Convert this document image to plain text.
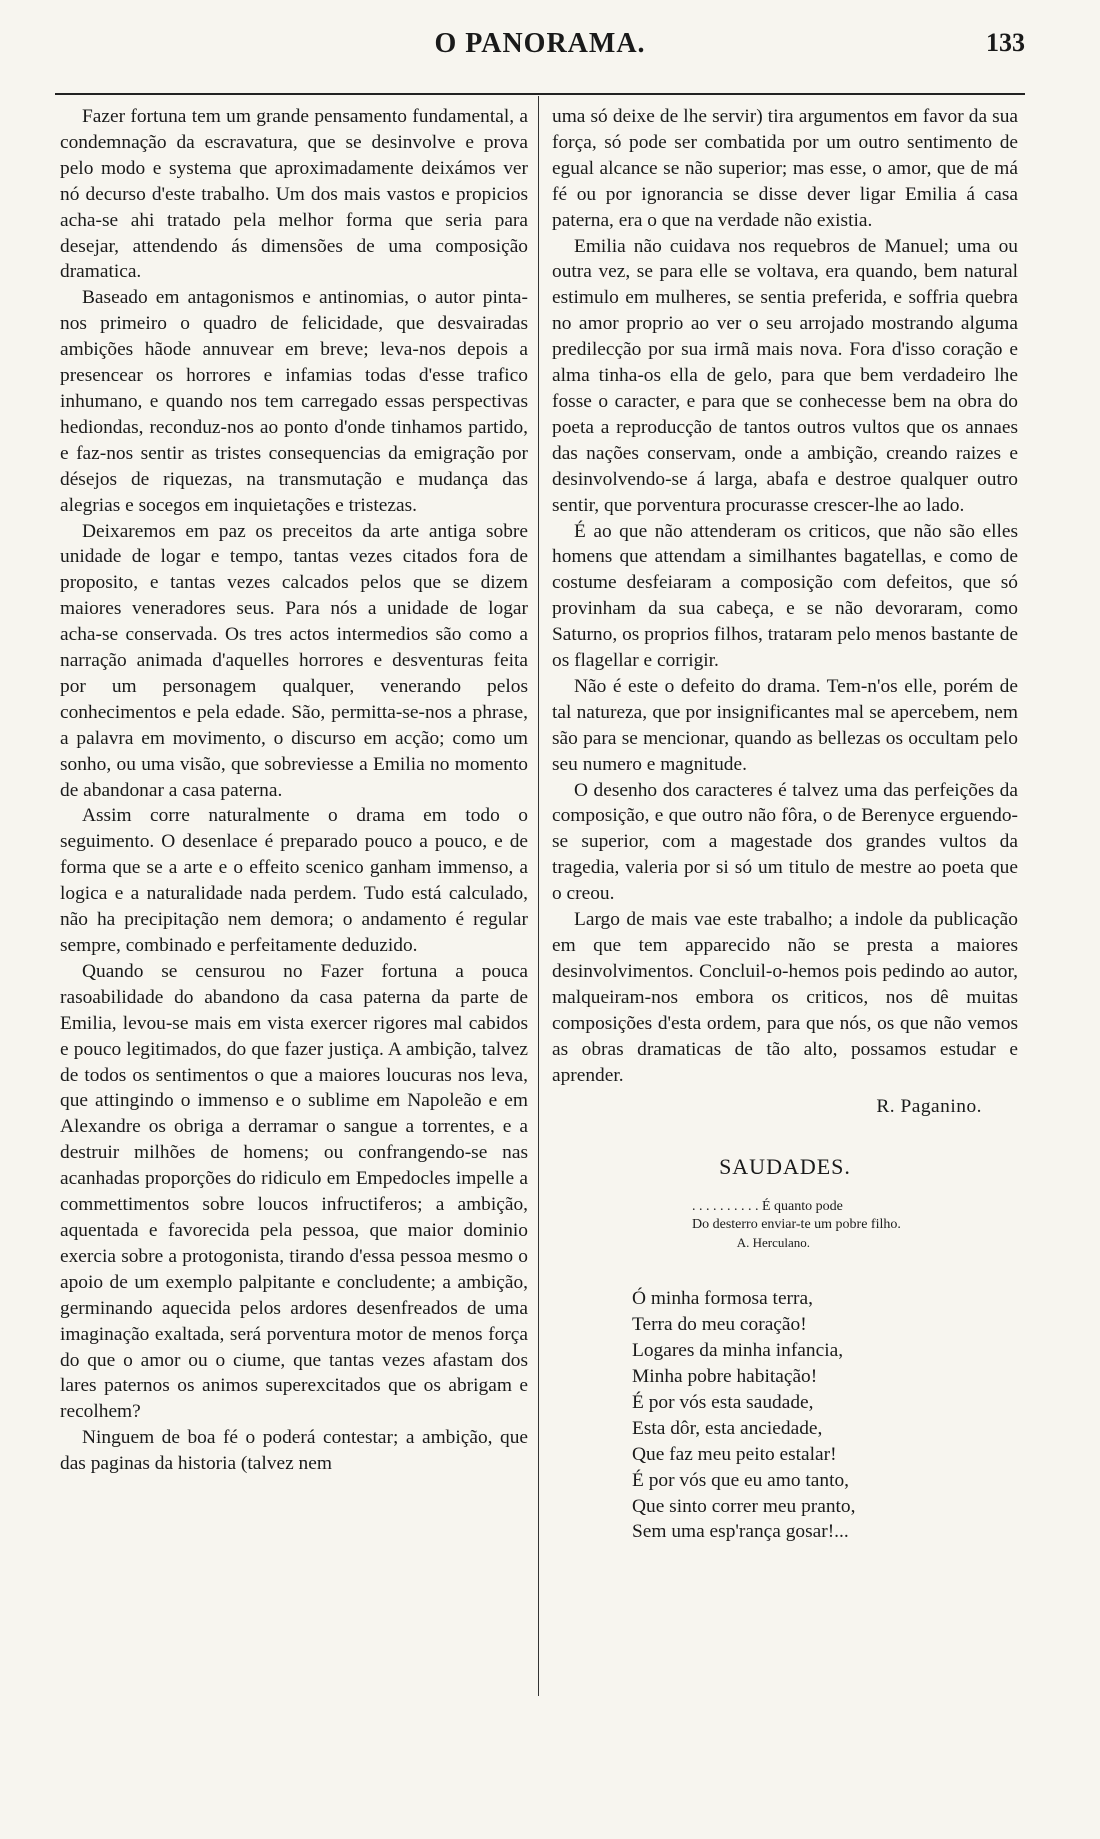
O PANORAMA.	133

Fazer fortuna tem um grande pensamento fundamental, a condemnação da escravatura, que se desinvolve e prova pelo modo e systema que aproximadamente deixámos ver nó decurso d'este trabalho. Um dos mais vastos e propicios acha-se ahi tratado pela melhor forma que seria para desejar, attendendo ás dimensões de uma composição dramatica.

Baseado em antagonismos e antinomias, o autor pinta-nos primeiro o quadro de felicidade, que desvairadas ambições hãode annuvear em breve; leva-nos depois a presencear os horrores e infamias todas d'esse trafico inhumano, e quando nos tem carregado essas perspectivas hediondas, reconduz-nos ao ponto d'onde tinhamos partido, e faz-nos sentir as tristes consequencias da emigração por désejos de riquezas, na transmutação e mudança das alegrias e socegos em inquietações e tristezas.

Deixaremos em paz os preceitos da arte antiga sobre unidade de logar e tempo, tantas vezes citados fora de proposito, e tantas vezes calcados pelos que se dizem maiores veneradores seus. Para nós a unidade de logar acha-se conservada. Os tres actos intermedios são como a narração animada d'aquelles horrores e desventuras feita por um personagem qualquer, venerando pelos conhecimentos e pela edade. São, permitta-se-nos a phrase, a palavra em movimento, o discurso em acção; como um sonho, ou uma visão, que sobreviesse a Emilia no momento de abandonar a casa paterna.

Assim corre naturalmente o drama em todo o seguimento. O desenlace é preparado pouco a pouco, e de forma que se a arte e o effeito scenico ganham immenso, a logica e a naturalidade nada perdem. Tudo está calculado, não ha precipitação nem demora; o andamento é regular sempre, combinado e perfeitamente deduzido.

Quando se censurou no Fazer fortuna a pouca rasoabilidade do abandono da casa paterna da parte de Emilia, levou-se mais em vista exercer rigores mal cabidos e pouco legitimados, do que fazer justiça. A ambição, talvez de todos os sentimentos o que a maiores loucuras nos leva, que attingindo o immenso e o sublime em Napoleão e em Alexandre os obriga a derramar o sangue a torrentes, e a destruir milhões de homens; ou confrangendo-se nas acanhadas proporções do ridiculo em Empedocles impelle a commettimentos sobre loucos infructiferos; a ambição, aquentada e favorecida pela pessoa, que maior dominio exercia sobre a protogonista, tirando d'essa pessoa mesmo o apoio de um exemplo palpitante e concludente; a ambição, germinando aquecida pelos ardores desenfreados de uma imaginação exaltada, será porventura motor de menos força do que o amor ou o ciume, que tantas vezes afastam dos lares paternos os animos superexcitados que os abrigam e recolhem?

Ninguem de boa fé o poderá contestar; a ambição, que das paginas da historia (talvez nem

uma só deixe de lhe servir) tira argumentos em favor da sua força, só pode ser combatida por um outro sentimento de egual alcance se não superior; mas esse, o amor, que de má fé ou por ignorancia se disse dever ligar Emilia á casa paterna, era o que na verdade não existia.

Emilia não cuidava nos requebros de Manuel; uma ou outra vez, se para elle se voltava, era quando, bem natural estimulo em mulheres, se sentia preferida, e soffria quebra no amor proprio ao ver o seu arrojado mostrando alguma predilecção por sua irmã mais nova. Fora d'isso coração e alma tinha-os ella de gelo, para que bem verdadeiro lhe fosse o caracter, e para que se conhecesse bem na obra do poeta a reproducção de tantos outros vultos que os annaes das nações conservam, onde a ambição, creando raizes e desinvolvendo-se á larga, abafa e destroe qualquer outro sentir, que porventura procurasse crescer-lhe ao lado.

É ao que não attenderam os criticos, que não são elles homens que attendam a similhantes bagatellas, e como de costume desfeiaram a composição com defeitos, que só provinham da sua cabeça, e se não devoraram, como Saturno, os proprios filhos, trataram pelo menos bastante de os flagellar e corrigir.

Não é este o defeito do drama. Tem-n'os elle, porém de tal natureza, que por insignificantes mal se apercebem, nem são para se mencionar, quando as bellezas os occultam pelo seu numero e magnitude.

O desenho dos caracteres é talvez uma das perfeições da composição, e que outro não fôra, o de Berenyce erguendo-se superior, com a magestade dos grandes vultos da tragedia, valeria por si só um titulo de mestre ao poeta que o creou.

Largo de mais vae este trabalho; a indole da publicação em que tem apparecido não se presta a maiores desinvolvimentos. Concluil-o-hemos pois pedindo ao autor, malqueiram-nos embora os criticos, nos dê muitas composições d'esta ordem, para que nós, os que não vemos as obras dramaticas de tão alto, possamos estudar e aprender.

R. Paganino.
SAUDADES.
. . . . . . . . . . É quanto pode
Do desterro enviar-te um pobre filho.
A. Herculano.
Ó minha formosa terra,
Terra do meu coração!
Logares da minha infancia,
Minha pobre habitação!
É por vós esta saudade,
Esta dôr, esta anciedade,
Que faz meu peito estalar!
É por vós que eu amo tanto,
Que sinto correr meu pranto,
Sem uma esp'rança gosar!...
